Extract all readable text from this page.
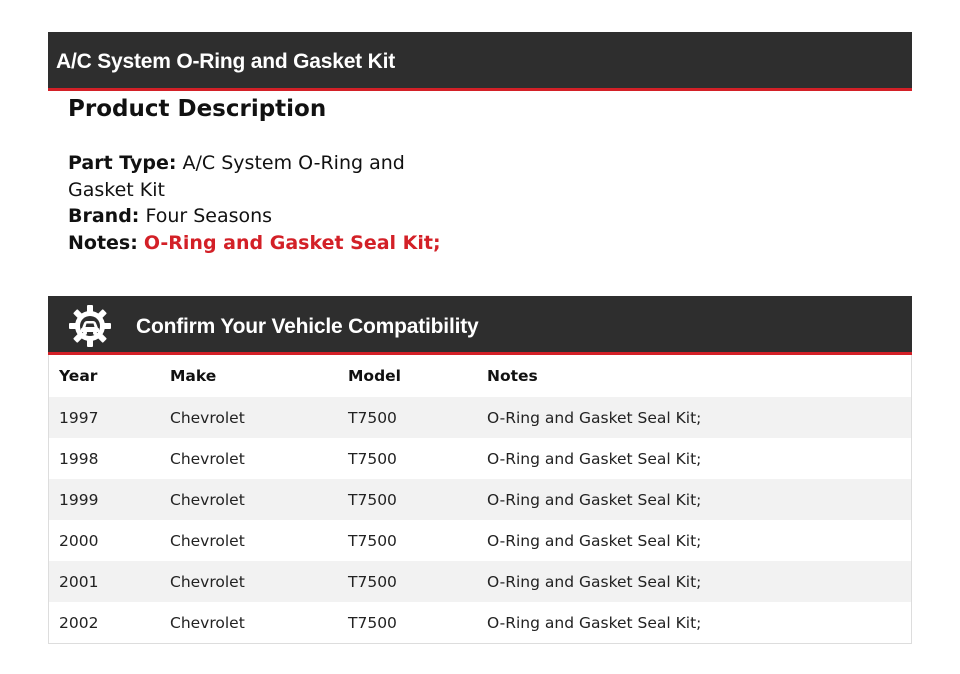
A/C System O-Ring and Gasket Kit
Product Description
Part Type: A/C System O-Ring and Gasket Kit
Brand: Four Seasons
Notes: O-Ring and Gasket Seal Kit;
Confirm Your Vehicle Compatibility
Year	Make	Model	Notes
1997	Chevrolet	T7500	O-Ring and Gasket Seal Kit;
1998	Chevrolet	T7500	O-Ring and Gasket Seal Kit;
1999	Chevrolet	T7500	O-Ring and Gasket Seal Kit;
2000	Chevrolet	T7500	O-Ring and Gasket Seal Kit;
2001	Chevrolet	T7500	O-Ring and Gasket Seal Kit;
2002	Chevrolet	T7500	O-Ring and Gasket Seal Kit;
